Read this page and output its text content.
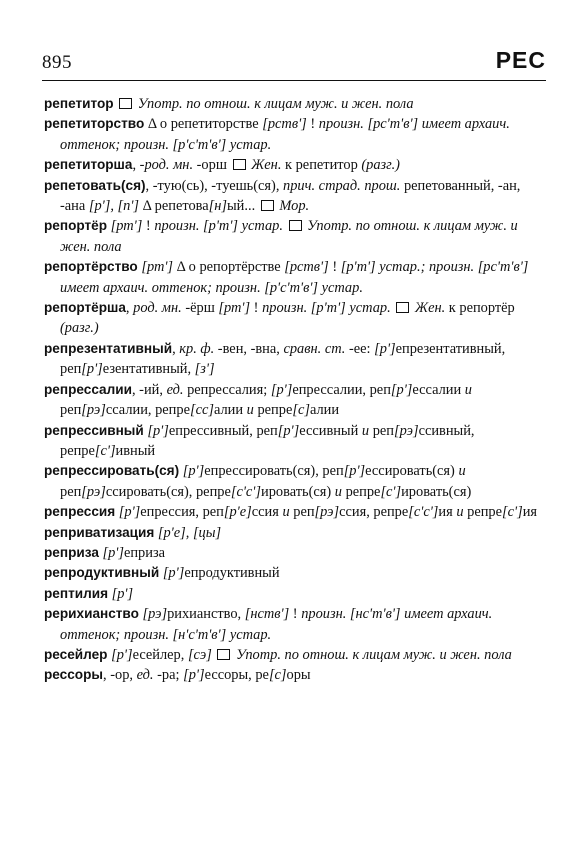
895	РЕС

репетитор  Употр. по отнош. к лицам муж. и жен. пола

репетиторство Δ о репетиторстве [рств'] ! произн. [рс'т'в'] имеет архаич. оттенок; произн. [р'с'т'в'] устар.

репетиторша, -род. мн. -орш  Жен. к репетитор (разг.)

репетовать(ся), -тую(сь), -туешь(ся), прич. страд. прош. репетованный, -ан, -ана [р'], [п'] Δ репетова[н]ый...  Мор.

репортёр [рт'] ! произн. [р'т'] устар.  Употр. по отнош. к лицам муж. и жен. пола

репортёрство [рт'] Δ о репортёрстве [рств'] ! [р'т'] устар.; произн. [рс'т'в'] имеет архаич. оттенок; произн. [р'с'т'в'] устар.

репортёрша, род. мн. -ёрш [рт'] ! произн. [р'т'] устар.  Жен. к репортёр (разг.)

репрезентативный, кр. ф. -вен, -вна, сравн. ст. -ее: [р']епрезентативный, реп[р']езентативный, [з']

репрессалии, -ий, ед. репрессалия; [р']епрессалии, реп[р']ессалии и реп[рэ]ссалии, репре[сс]алии и репре[с]алии

репрессивный [р']епрессивный, реп[р']ессивный и реп[рэ]ссивный, репре[с']ивный

репрессировать(ся) [р']епрессировать(ся), реп[р']ессировать(ся) и реп[рэ]ссировать(ся), репре[с'с']ировать(ся) и репре[с']ировать(ся)

репрессия [р']епрессия, реп[р'е]ссия и реп[рэ]ссия, репре[с'с']ия и репре[с']ия

реприватизация [р'е], [цы]

реприза [р']еприза

репродуктивный [р']епродуктивный

рептилия [р']

рерихианство [рэ]рихианство, [нств'] ! произн. [нс'т'в'] имеет архаич. оттенок; произн. [н'с'т'в'] устар.

ресейлер [р']есейлер, [сэ]  Употр. по отнош. к лицам муж. и жен. пола

рессоры, -ор, ед. -ра; [р']ессоры, ре[с]оры
